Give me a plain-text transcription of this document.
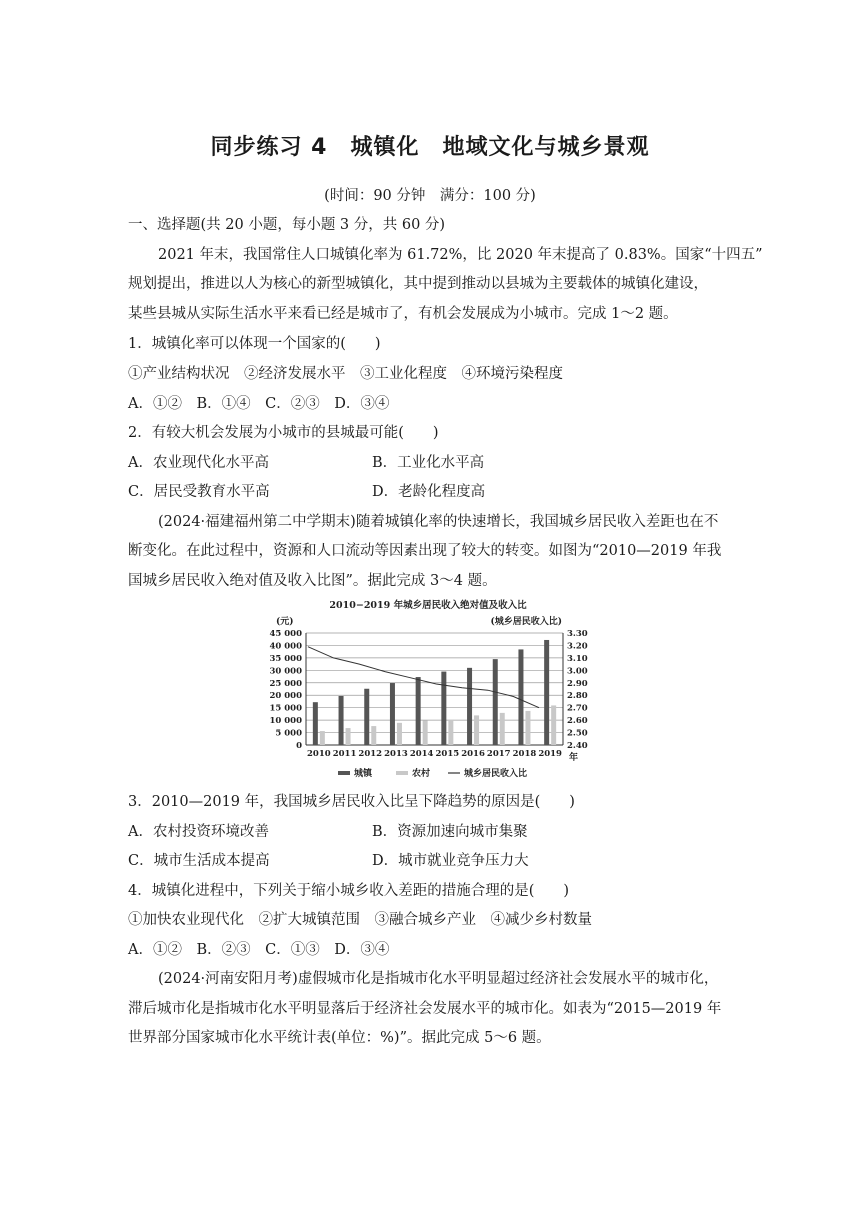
同步练习 4　城镇化　地域文化与城乡景观
(时间：90 分钟　满分：100 分)
一、选择题(共 20 小题，每小题 3 分，共 60 分)
2021 年末，我国常住人口城镇化率为 61.72%，比 2020 年末提高了 0.83%。国家“十四五”
规划提出，推进以人为核心的新型城镇化，其中提到推动以县城为主要载体的城镇化建设，
某些县城从实际生活水平来看已经是城市了，有机会发展成为小城市。完成 1～2 题。
1．城镇化率可以体现一个国家的(　　)
①产业结构状况　②经济发展水平　③工业化程度　④环境污染程度
A．①②　B．①④　C．②③　D．③④
2．有较大机会发展为小城市的县城最可能(　　)
A．农业现代化水平高	B．工业化水平高
C．居民受教育水平高	D．老龄化程度高
(2024·福建福州第二中学期末)随着城镇化率的快速增长，我国城乡居民收入差距也在不
断变化。在此过程中，资源和人口流动等因素出现了较大的转变。如图为“2010—2019 年我
国城乡居民收入绝对值及收入比图”。据此完成 3～4 题。
2010−2019 年城乡居民收入绝对值及收入比
(元)	(城乡居民收入比)
45 000	3.30
40 000	3.20
35 000	3.10
30 000	3.00
25 000	2.90
20 000	2.80
15 000	2.70
10 000	2.60
5 000	2.50
0	2.40
2010 2011 2012 2013 2014 2015 2016 2017 2018 2019 年
城镇	农村	城乡居民收入比
3．2010—2019 年，我国城乡居民收入比呈下降趋势的原因是(　　)
A．农村投资环境改善	B．资源加速向城市集聚
C．城市生活成本提高	D．城市就业竞争压力大
4．城镇化进程中，下列关于缩小城乡收入差距的措施合理的是(　　)
①加快农业现代化　②扩大城镇范围　③融合城乡产业　④减少乡村数量
A．①②　B．②③　C．①③　D．③④
(2024·河南安阳月考)虚假城市化是指城市化水平明显超过经济社会发展水平的城市化，
滞后城市化是指城市化水平明显落后于经济社会发展水平的城市化。如表为“2015—2019 年
世界部分国家城市化水平统计表(单位：%)”。据此完成 5～6 题。
